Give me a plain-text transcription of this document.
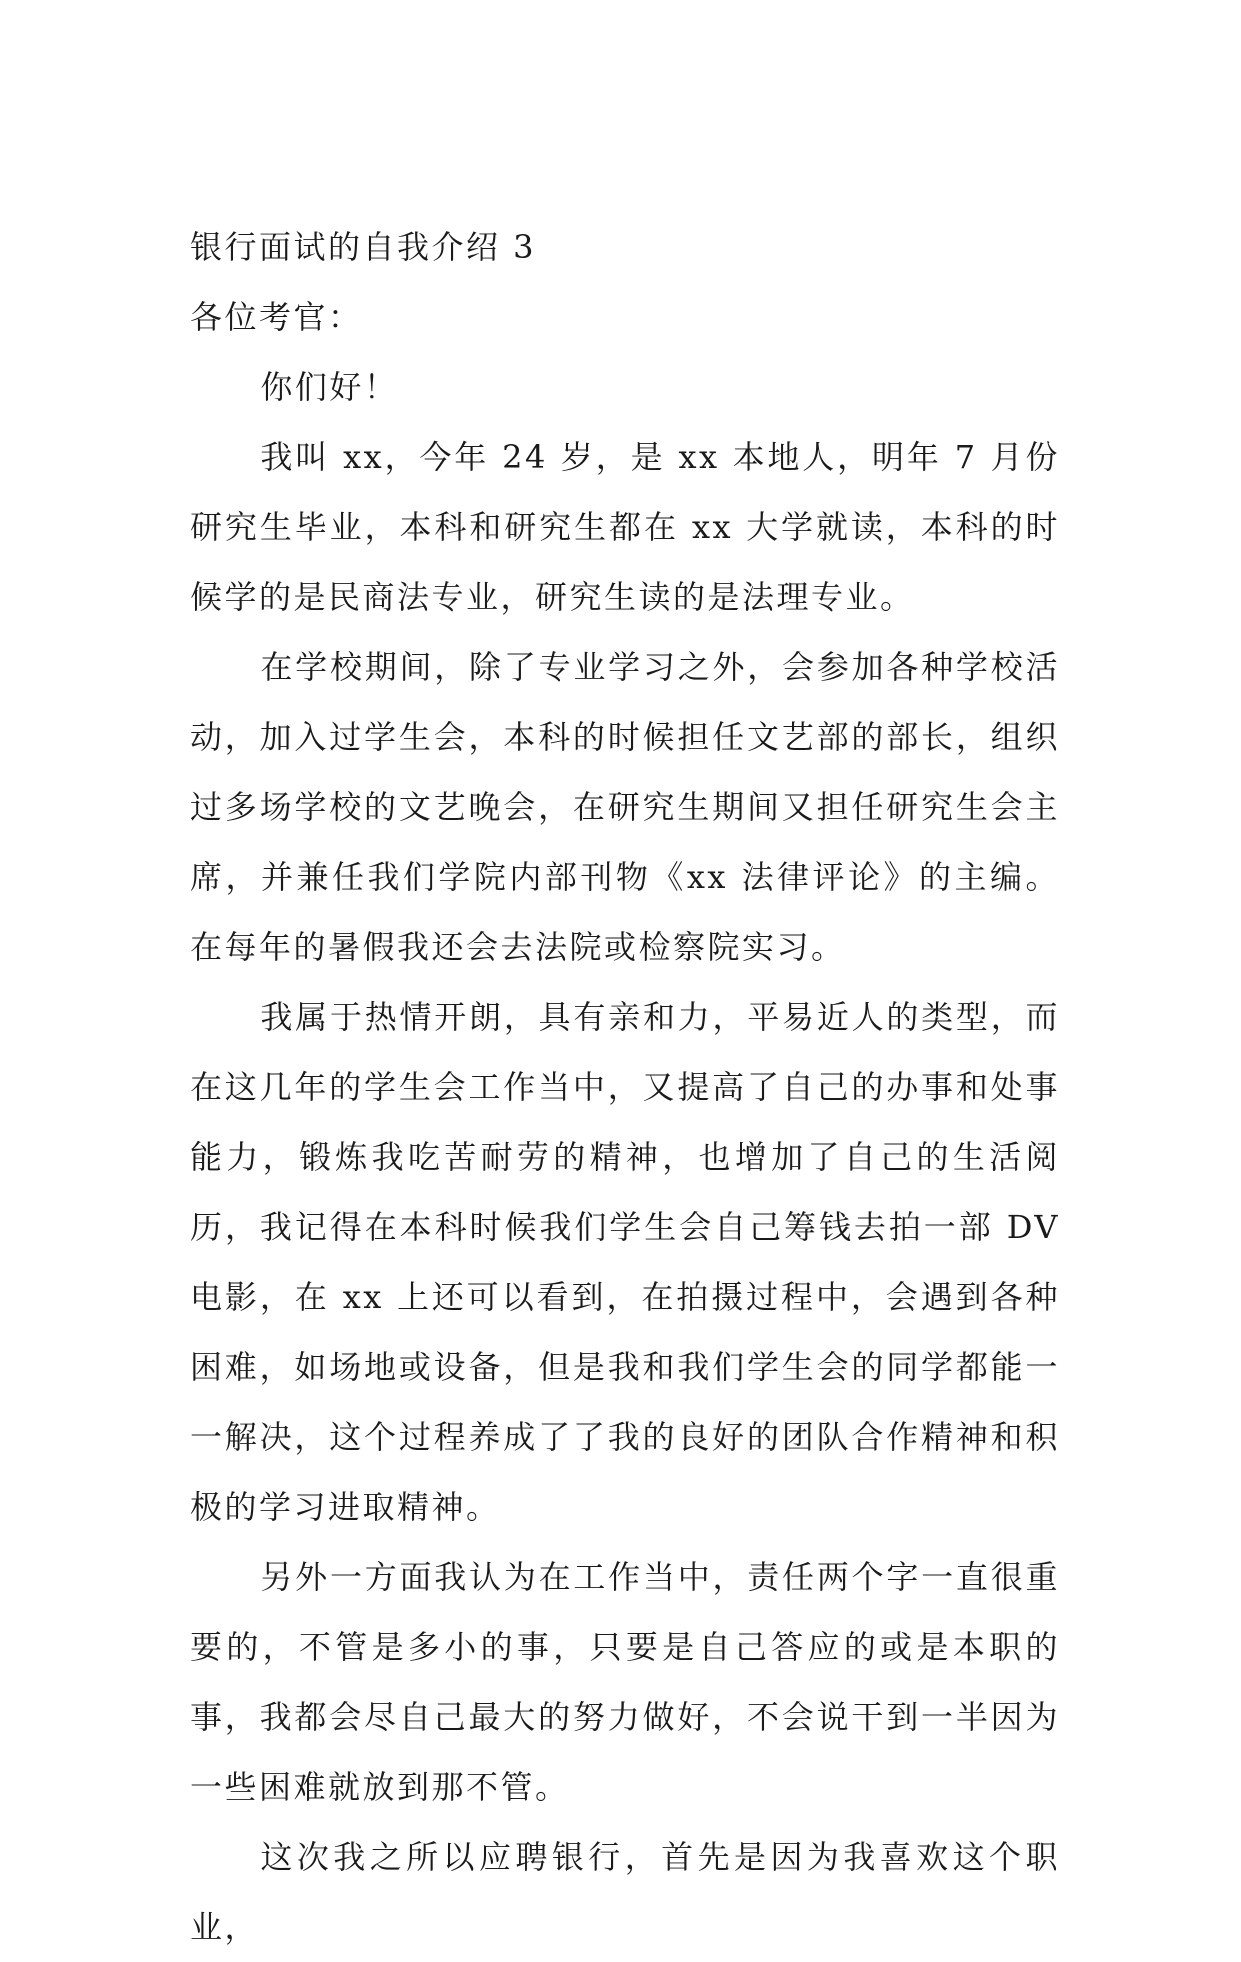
银行面试的自我介绍 3
各位考官：

你们好！

我叫 xx，今年 24 岁，是 xx 本地人，明年 7 月份研究生毕业，本科和研究生都在 xx 大学就读，本科的时候学的是民商法专业，研究生读的是法理专业。

在学校期间，除了专业学习之外，会参加各种学校活动，加入过学生会，本科的时候担任文艺部的部长，组织过多场学校的文艺晚会，在研究生期间又担任研究生会主席，并兼任我们学院内部刊物《xx 法律评论》的主编。在每年的暑假我还会去法院或检察院实习。

我属于热情开朗，具有亲和力，平易近人的类型，而在这几年的学生会工作当中，又提高了自己的办事和处事能力，锻炼我吃苦耐劳的精神，也增加了自己的生活阅历，我记得在本科时候我们学生会自己筹钱去拍一部 DV 电影，在 xx 上还可以看到，在拍摄过程中，会遇到各种困难，如场地或设备，但是我和我们学生会的同学都能一一解决，这个过程养成了了我的良好的团队合作精神和积极的学习进取精神。

另外一方面我认为在工作当中，责任两个字一直很重要的，不管是多小的事，只要是自己答应的或是本职的事，我都会尽自己最大的努力做好，不会说干到一半因为一些困难就放到那不管。

这次我之所以应聘银行，首先是因为我喜欢这个职业，
